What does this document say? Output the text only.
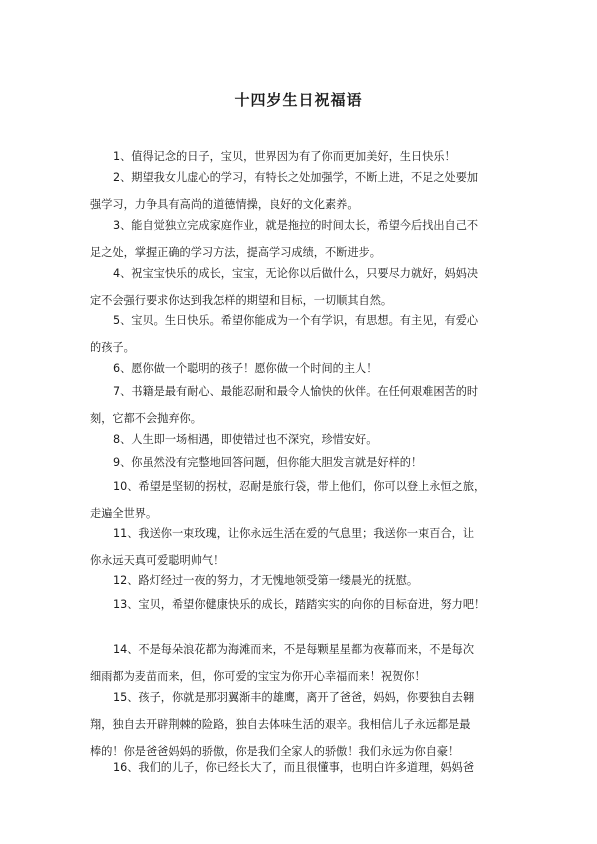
十四岁生日祝福语
1、值得记念的日子，宝贝，世界因为有了你而更加美好，生日快乐！
2、期望我女儿虚心的学习，有特长之处加强学，不断上进，不足之处要加
强学习，力争具有高尚的道德情操，良好的文化素养。
3、能自觉独立完成家庭作业，就是拖拉的时间太长，希望今后找出自己不
足之处，掌握正确的学习方法，提高学习成绩，不断进步。
4、祝宝宝快乐的成长，宝宝，无论你以后做什么，只要尽力就好，妈妈决
定不会强行要求你达到我怎样的期望和目标，一切顺其自然。
5、宝贝。生日快乐。希望你能成为一个有学识，有思想。有主见，有爱心
的孩子。
6、愿你做一个聪明的孩子！愿你做一个时间的主人！
7、书籍是最有耐心、最能忍耐和最令人愉快的伙伴。在任何艰难困苦的时
刻，它都不会抛弃你。
8、人生即一场相遇，即使错过也不深究，珍惜安好。
9、你虽然没有完整地回答问题，但你能大胆发言就是好样的！
10、希望是坚韧的拐杖，忍耐是旅行袋，带上他们，你可以登上永恒之旅，
走遍全世界。
11、我送你一束玫瑰，让你永远生活在爱的气息里；我送你一束百合，让
你永远天真可爱聪明帅气！
12、路灯经过一夜的努力，才无愧地领受第一缕晨光的抚慰。
13、宝贝，希望你健康快乐的成长，踏踏实实的向你的目标奋进，努力吧！
14、不是每朵浪花都为海滩而来，不是每颗星星都为夜幕而来，不是每次
细雨都为麦苗而来，但，你可爱的宝宝为你开心幸福而来！祝贺你！
15、孩子，你就是那羽翼渐丰的雄鹰，离开了爸爸，妈妈，你要独自去翱
翔，独自去开辟荆棘的险路，独自去体味生活的艰辛。我相信儿子永远都是最
棒的！你是爸爸妈妈的骄傲，你是我们全家人的骄傲！我们永远为你自豪！
16、我们的儿子，你已经长大了，而且很懂事，也明白许多道理，妈妈爸
